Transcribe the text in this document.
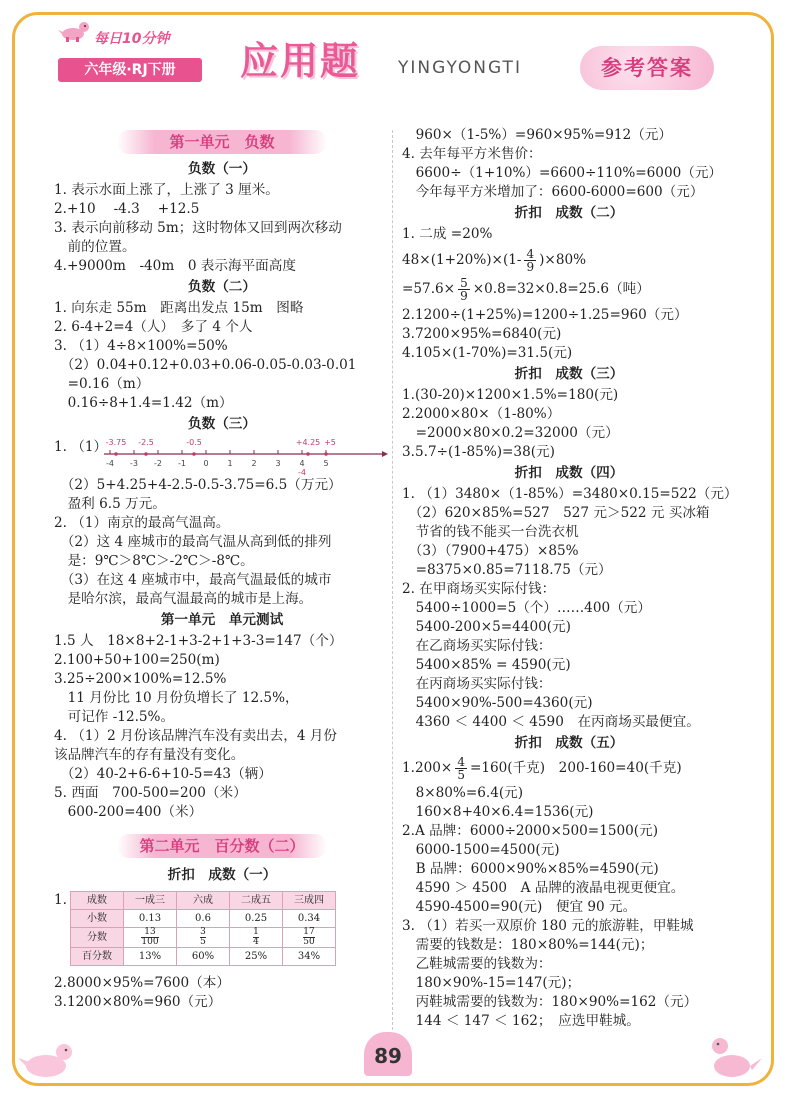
每日10分钟
六年级·RJ下册	应用题 YINGYONGTI	参考答案
第一单元　负数
负数（一）
1. 表示水面上涨了，上涨了 3 厘米。
2.+10　 -4.3　 +12.5
3. 表示向前移动 5m；这时物体又回到两次移动
　前的位置。
4.+9000m　-40m　0 表示海平面高度
负数（二）
1. 向东走 55m　距离出发点 15m　图略
2. 6-4+2=4（人）　多了 4 个人
3. （1）4÷8×100%=50%
　（2）0.04+0.12+0.03+0.06-0.05-0.03-0.01
　=0.16（m）
　0.16÷8+1.4=1.42（m）
负数（三）
1. （1）
-4 -3 -2 -1 0 1 2 3 4 5
-3.75 -2.5	-0.5	+4.25 +5
-4
　（2）5+4.25+4-2.5-0.5-3.75=6.5（万元）
　盈利 6.5 万元。
2. （1）南京的最高气温高。
　（2）这 4 座城市的最高气温从高到低的排列
　是：9℃＞8℃＞-2℃＞-8℃。
　（3）在这 4 座城市中，最高气温最低的城市
　是哈尔滨，最高气温最高的城市是上海。
第一单元　单元测试
1.5 人　18×8+2-1+3-2+1+3-3=147（个）
2.100+50+100=250(m)
3.25÷200×100%=12.5%
　11 月份比 10 月份负增长了 12.5%，
　可记作 -12.5%。
4. （1）2 月份该品牌汽车没有卖出去，4 月份
该品牌汽车的存有量没有变化。
　（2）40-2+6-6+10-5=43（辆）
5. 西面　700-500=200（米）
　600-200=400（米）
第二单元　百分数（二）
折扣　成数（一）
1. 成数	一成三	六成	二成五	三成四
小数	0.13	0.6	0.25	0.34
分数	$\frac{13}{100}$	$\frac{3}{5}$	$\frac{1}{4}$	$\frac{17}{50}$

百分数	13%	60%	25%	34%
2.8000×95%=7600（本）
3.1200×80%=960（元）
　960×（1-5%）=960×95%=912（元）
4. 去年每平方米售价：
　6600÷（1+10%）=6600÷110%=6000（元）
　今年每平方米增加了：6600-6000=600（元）
折扣　成数（二）
1. 二成 =20%
$48\times(1+20\%)\times(1- \frac{4}{9} )\times 80\%$
$=57.6\times \frac{5}{9} \times 0.8=32\times 0.8=25.6$（吨）
2.1200÷(1+25%)=1200÷1.25=960（元）
3.7200×95%=6840(元)
4.105×(1-70%)=31.5(元)
折扣　成数（三）
1.(30-20)×1200×1.5%=180(元)
2.2000×80×（1-80%）
　=2000×80×0.2=32000（元）
3.5.7÷(1-85%)=38(元)
折扣　成数（四）
1. （1）3480×（1-85%）=3480×0.15=522（元）
　（2）620×85%=527　527 元＞522 元 买冰箱
　节省的钱不能买一台洗衣机
　（3）（7900+475）×85%
　=8375×0.85=7118.75（元）
2. 在甲商场买实际付钱：
　5400÷1000=5（个）……400（元）
　5400-200×5=4400(元)
　在乙商场买实际付钱：
　5400×85% = 4590(元)
　在丙商场买实际付钱：
　5400×90%-500=4360(元)
　4360 ＜ 4400 ＜ 4590　在丙商场买最便宜。
折扣　成数（五）
$1.200\times \frac{4}{5} =160$(千克)　200-160=40(千克)
　8×80%=6.4(元)
　160×8+40×6.4=1536(元)
2.A 品牌：6000÷2000×500=1500(元)
　6000-1500=4500(元)
　B 品牌：6000×90%×85%=4590(元)
　4590 ＞ 4500　A 品牌的液晶电视更便宜。
　4590-4500=90(元)　便宜 90 元。
3. （1）若买一双原价 180 元的旅游鞋，甲鞋城
　需要的钱数是：180×80%=144(元)；
　乙鞋城需要的钱数为：
　180×90%-15=147(元)；
　丙鞋城需要的钱数为：180×90%=162（元）
　144 ＜ 147 ＜ 162；　应选甲鞋城。
89
